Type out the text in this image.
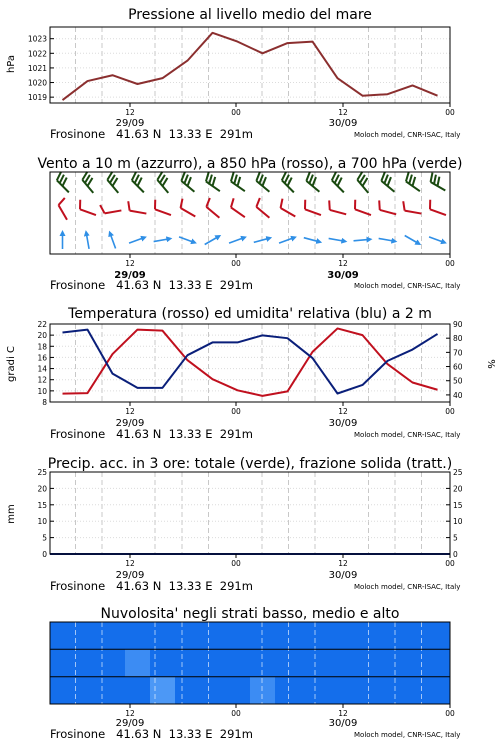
Pressione al livello medio del mare
hPa
1019
1020
1021
1022
1023
12	00	12	00
29/09	30/09
Frosinone   41.63 N  13.33 E  291m	Moloch model, CNR-ISAC, Italy
Vento a 10 m (azzurro), a 850 hPa (rosso), a 700 hPa (verde)
12	00	12	00
29/09	30/09
Frosinone   41.63 N  13.33 E  291m	Moloch model, CNR-ISAC, Italy
Temperatura (rosso) ed umidita' relativa (blu) a 2 m
gradi C	%
8
10
12
14
16
18
20
22
40
50
60
70
80
90
12	00	12	00
29/09	30/09
Frosinone   41.63 N  13.33 E  291m	Moloch model, CNR-ISAC, Italy
Precip. acc. in 3 ore: totale (verde), frazione solida (tratt.)
mm
0
5
10
15
20
25
0
5
10
15
20
25
12	00	12	00
29/09	30/09
Frosinone   41.63 N  13.33 E  291m	Moloch model, CNR-ISAC, Italy
Nuvolosita' negli strati basso, medio e alto
12	00	12	00
29/09	30/09
Frosinone   41.63 N  13.33 E  291m	Moloch model, CNR-ISAC, Italy
